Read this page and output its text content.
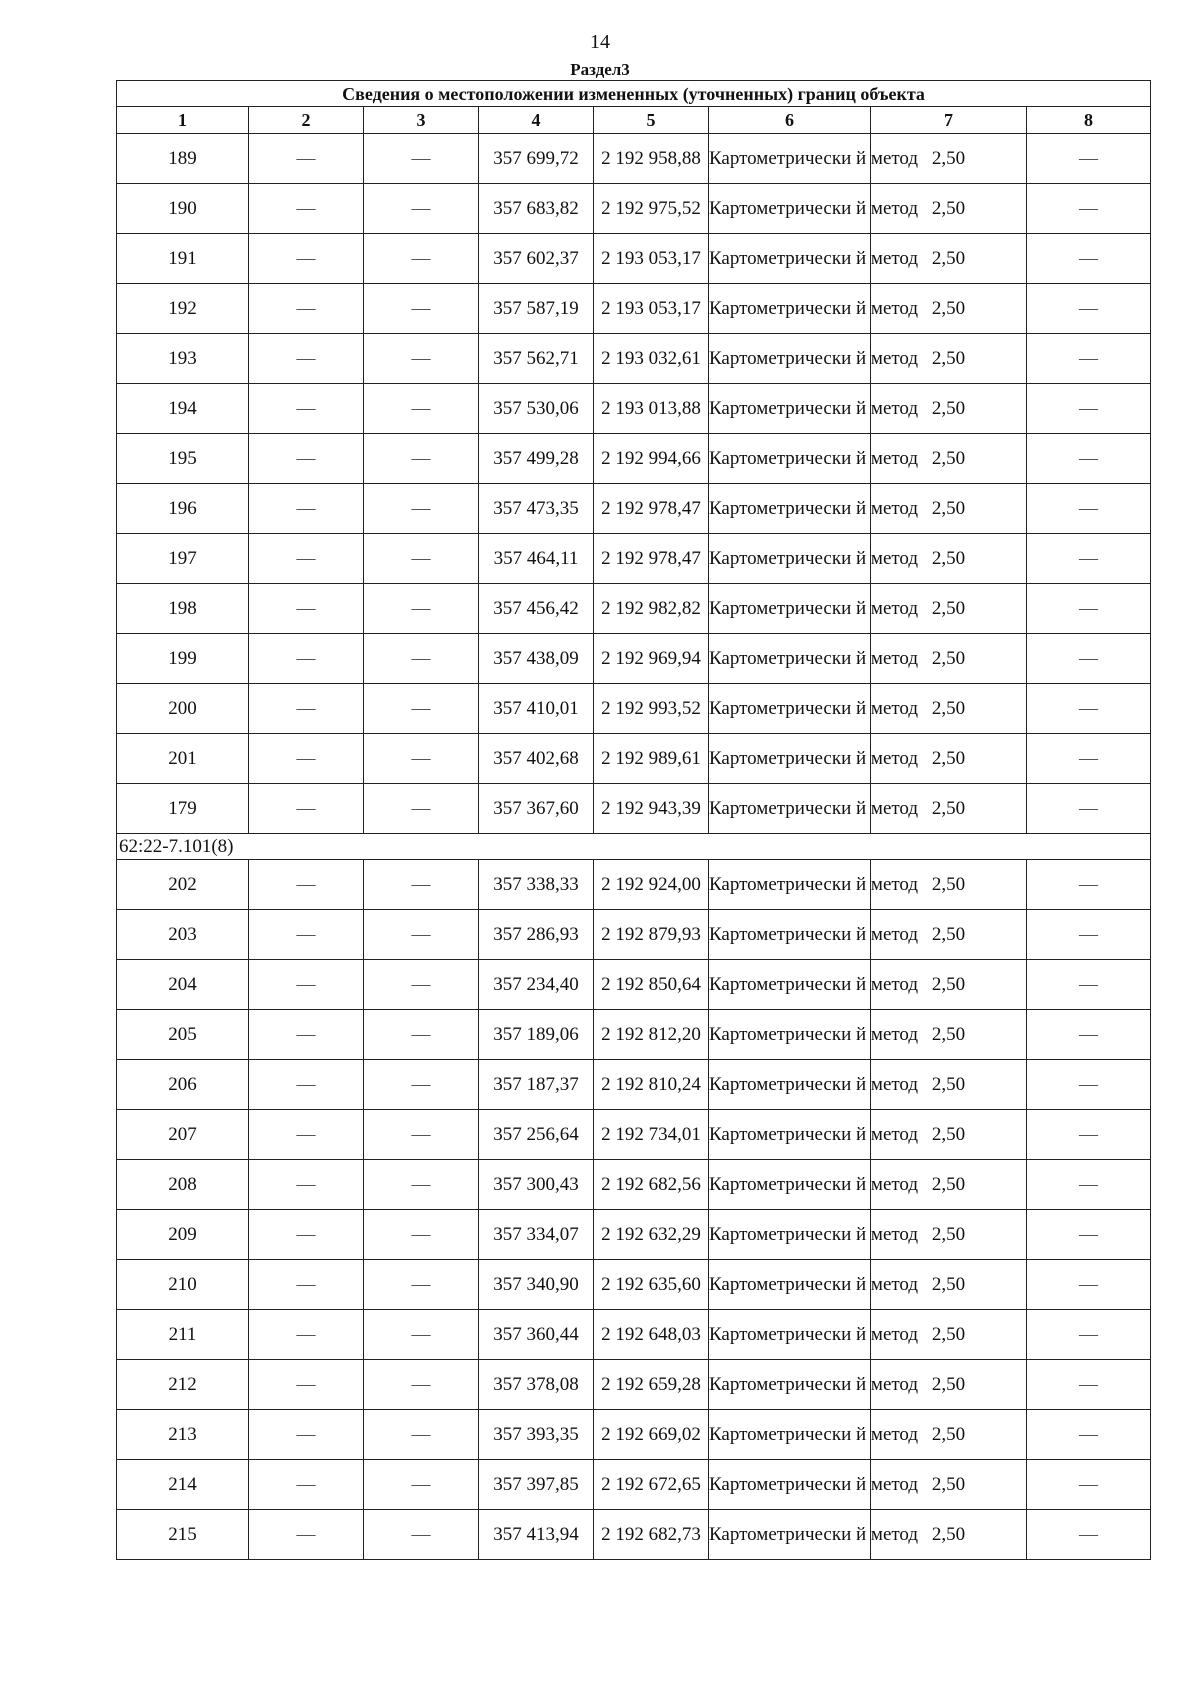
14
Раздел3
Сведения о местоположении измененных (уточненных) границ объекта							
1	2	3	4	5	6	7	8
189	—	—	357 699,72	2 192 958,88	Картометрически й метод	2,50	—
190	—	—	357 683,82	2 192 975,52	Картометрически й метод	2,50	—
191	—	—	357 602,37	2 193 053,17	Картометрически й метод	2,50	—
192	—	—	357 587,19	2 193 053,17	Картометрически й метод	2,50	—
193	—	—	357 562,71	2 193 032,61	Картометрически й метод	2,50	—
194	—	—	357 530,06	2 193 013,88	Картометрически й метод	2,50	—
195	—	—	357 499,28	2 192 994,66	Картометрически й метод	2,50	—
196	—	—	357 473,35	2 192 978,47	Картометрически й метод	2,50	—
197	—	—	357 464,11	2 192 978,47	Картометрически й метод	2,50	—
198	—	—	357 456,42	2 192 982,82	Картометрически й метод	2,50	—
199	—	—	357 438,09	2 192 969,94	Картометрически й метод	2,50	—
200	—	—	357 410,01	2 192 993,52	Картометрически й метод	2,50	—
201	—	—	357 402,68	2 192 989,61	Картометрически й метод	2,50	—
179	—	—	357 367,60	2 192 943,39	Картометрически й метод	2,50	—
62:22-7.101(8)							
202	—	—	357 338,33	2 192 924,00	Картометрически й метод	2,50	—
203	—	—	357 286,93	2 192 879,93	Картометрически й метод	2,50	—
204	—	—	357 234,40	2 192 850,64	Картометрически й метод	2,50	—
205	—	—	357 189,06	2 192 812,20	Картометрически й метод	2,50	—
206	—	—	357 187,37	2 192 810,24	Картометрически й метод	2,50	—
207	—	—	357 256,64	2 192 734,01	Картометрически й метод	2,50	—
208	—	—	357 300,43	2 192 682,56	Картометрически й метод	2,50	—
209	—	—	357 334,07	2 192 632,29	Картометрически й метод	2,50	—
210	—	—	357 340,90	2 192 635,60	Картометрически й метод	2,50	—
211	—	—	357 360,44	2 192 648,03	Картометрически й метод	2,50	—
212	—	—	357 378,08	2 192 659,28	Картометрически й метод	2,50	—
213	—	—	357 393,35	2 192 669,02	Картометрически й метод	2,50	—
214	—	—	357 397,85	2 192 672,65	Картометрически й метод	2,50	—
215	—	—	357 413,94	2 192 682,73	Картометрически й метод	2,50	—
